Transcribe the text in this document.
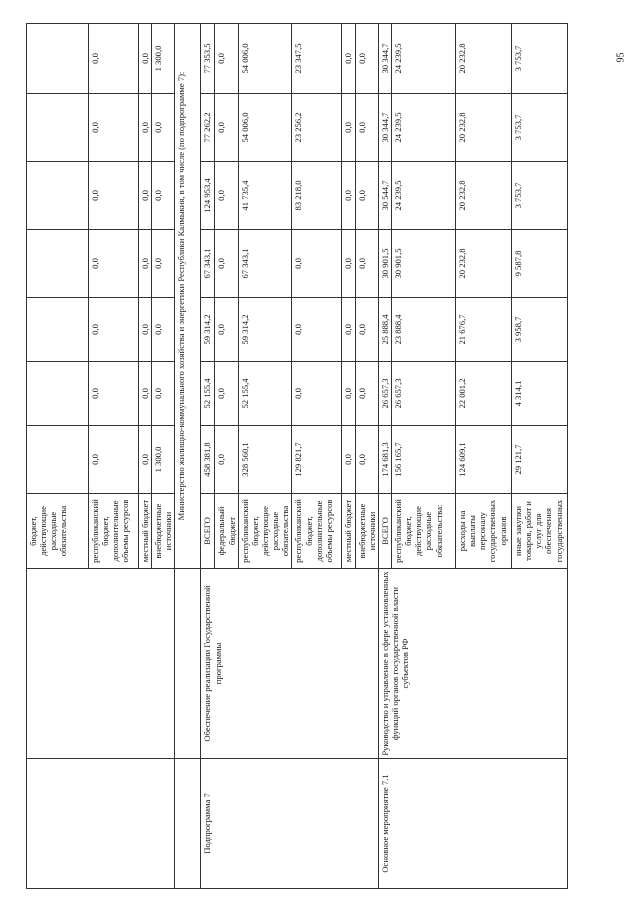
		бюджет, действующие расходные обязательства							
		республиканский бюджет, дополнительные объемы ресурсов	0,0	0,0	0,0	0,0	0,0	0,0	0,0
		местный бюджет	0,0	0,0	0,0	0,0	0,0	0,0	0,0
		внебюджетные источники	1 300,0	0,0	0,0	0,0	0,0	0,0	1 300,0
		Министерство жилищно-коммунального хозяйства и энергетики Республики Калмыкия, в том числе (по подпрограмме 7):							
Подпрограмма 7	Обеспечение реализации Государственной программы	ВСЕГО	458 381,8	52 155,4	59 314,2	67 343,1	124 953,4	77 262,2	77 353,5
		федеральный бюджет	0,0	0,0	0,0	0,0	0,0	0,0	0,0
		республиканский бюджет, действующие расходные обязательства	328 560,1	52 155,4	59 314,2	67 343,1	41 735,4	54 006,0	54 006,0
		республиканский бюджет, дополнительные объемы ресурсов	129 821,7	0,0	0,0	0,0	83 218,0	23 256,2	23 347,5
		местный бюджет	0,0	0,0	0,0	0,0	0,0	0,0	0,0
		внебюджетные источники	0,0	0,0	0,0	0,0	0,0	0,0	0,0
Основное мероприятие 7.1	Руководство и управление в сфере установленных функций органов государственной власти субъектов РФ	ВСЕГО	174 681,3	26 657,3	25 888,4	30 901,5	30 544,7	30 344,7	30 344,7
		республиканский бюджет, действующие расходные обязательства:	156 165,7	26 657,3	23 888,4	30 901,5	24 239,5	24 239,5	24 239,5
		расходы на выплаты персоналу государственных органов	124 609,1	22 001,2	21 676,7	20 232,8	20 232,8	20 232,8	20 232,8
		иные закупки товаров, работ и услуг для обеспечения государственных	29 121,7	4 314,1	3 958,7	9 587,8	3 753,7	3 753,7	3 753,7	95
